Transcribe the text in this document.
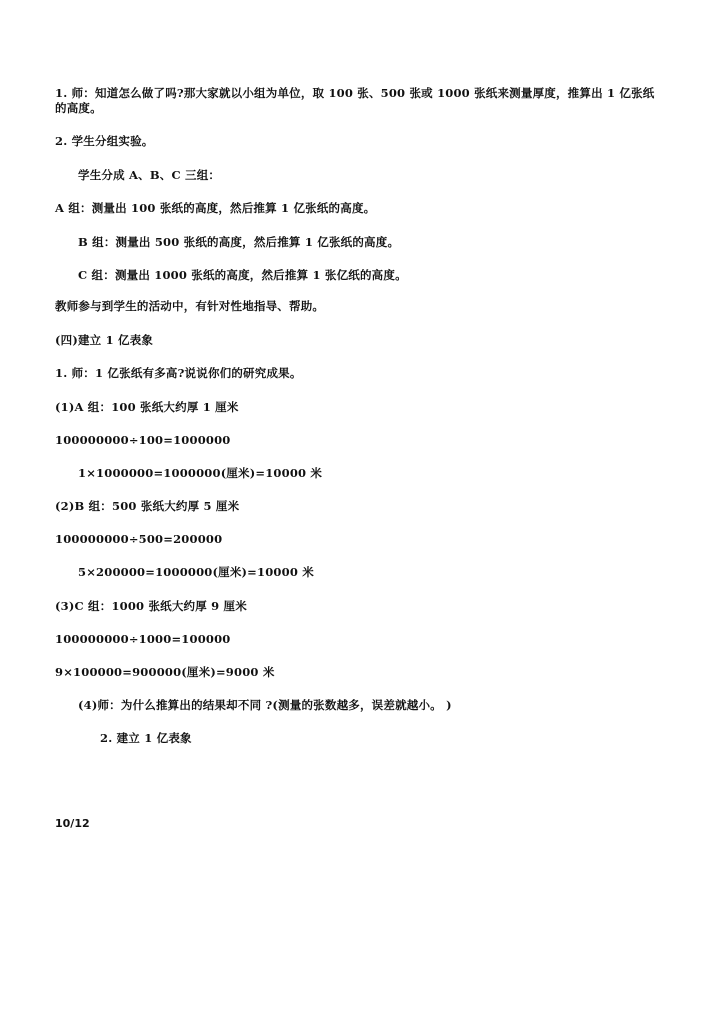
1. 师：知道怎么做了吗?那大家就以小组为单位，取 100 张、500 张或 1000 张纸来测量厚度，推算出 1 亿张纸的高度。
2. 学生分组实验。
学生分成 A、B、C 三组：
A 组：测量出 100 张纸的高度，然后推算 1 亿张纸的高度。
B 组：测量出 500 张纸的高度，然后推算 1 亿张纸的高度。
C 组：测量出 1000 张纸的高度，然后推算 1 张亿纸的高度。
教师参与到学生的活动中，有针对性地指导、帮助。
(四)建立 1 亿表象
1. 师：1 亿张纸有多高?说说你们的研究成果。
(1)A 组：100 张纸大约厚 1 厘米
100000000÷100=1000000
1×1000000=1000000(厘米)=10000 米
(2)B 组：500 张纸大约厚 5 厘米
100000000÷500=200000
5×200000=1000000(厘米)=10000 米
(3)C 组：1000 张纸大约厚 9 厘米
100000000÷1000=100000
9×100000=900000(厘米)=9000 米
(4)师：为什么推算出的结果却不同 ?(测量的张数越多，误差就越小。 )
2. 建立 1 亿表象
10/12
